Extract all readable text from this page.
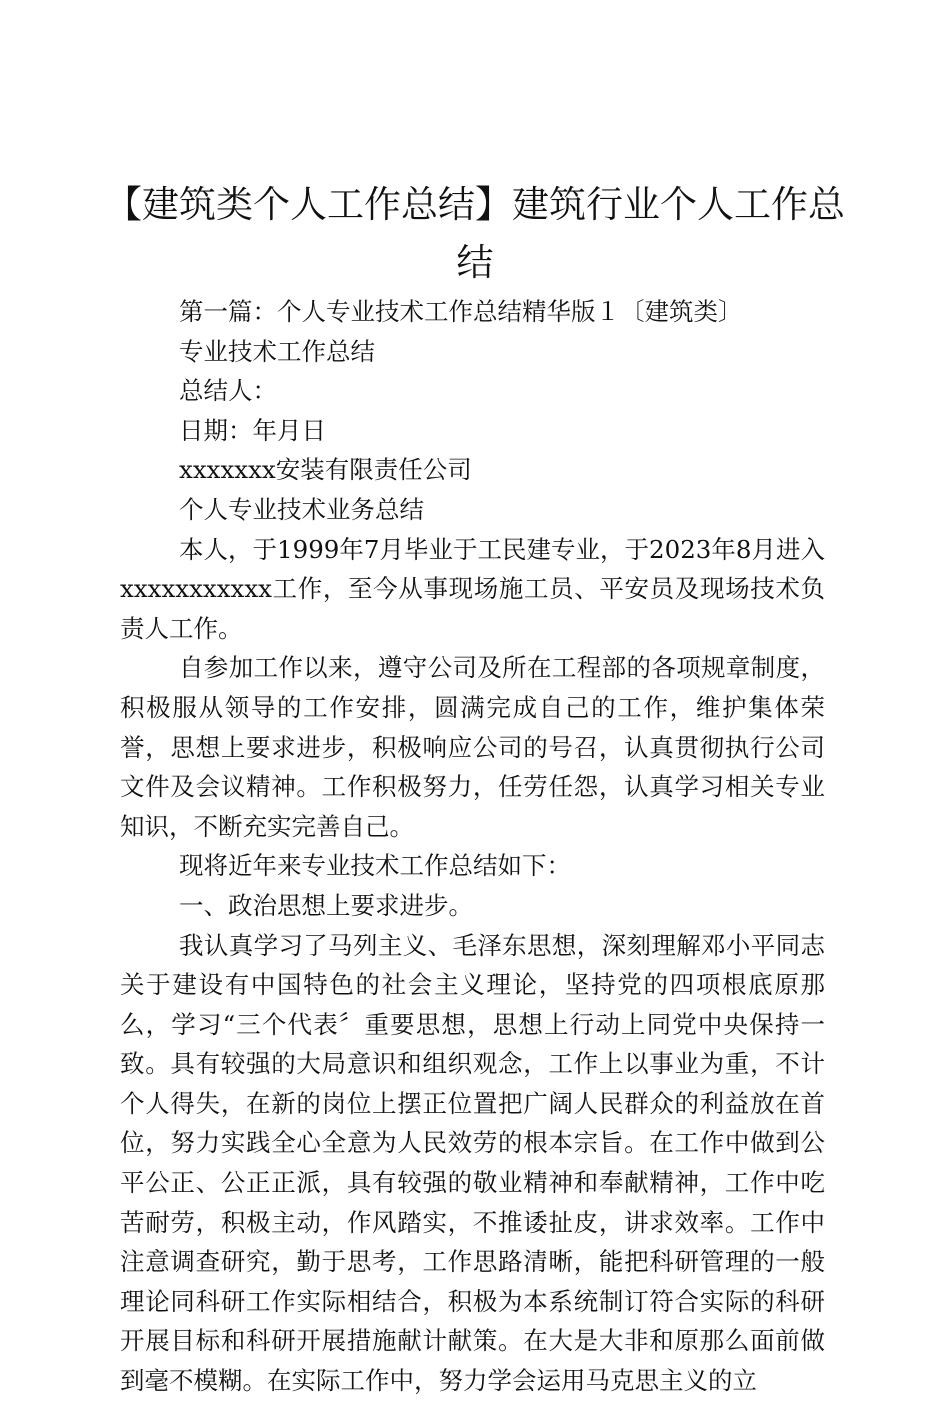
【建筑类个人工作总结】建筑行业个人工作总结

第一篇：个人专业技术工作总结精华版１〔建筑类〕

专业技术工作总结

总结人：

日期：年月日

xxxxxxx安装有限责任公司

个人专业技术业务总结

本人，于1999年7月毕业于工民建专业，于2023年8月进入xxxxxxxxxxx工作，至今从事现场施工员、平安员及现场技术负责人工作。

自参加工作以来，遵守公司及所在工程部的各项规章制度，积极服从领导的工作安排，圆满完成自己的工作，维护集体荣誉，思想上要求进步，积极响应公司的号召，认真贯彻执行公司文件及会议精神。工作积极努力，任劳任怨，认真学习相关专业知识，不断充实完善自己。

现将近年来专业技术工作总结如下：

一、政治思想上要求进步。

我认真学习了马列主义、毛泽东思想，深刻理解邓小平同志关于建设有中国特色的社会主义理论，坚持党的四项根底原那么，学习“三个代表〞重要思想，思想上行动上同党中央保持一致。具有较强的大局意识和组织观念，工作上以事业为重，不计个人得失，在新的岗位上摆正位置把广阔人民群众的利益放在首位，努力实践全心全意为人民效劳的根本宗旨。在工作中做到公平公正、公正正派，具有较强的敬业精神和奉献精神，工作中吃苦耐劳，积极主动，作风踏实，不推诿扯皮，讲求效率。工作中注意调查研究，勤于思考，工作思路清晰，能把科研管理的一般理论同科研工作实际相结合，积极为本系统制订符合实际的科研开展目标和科研开展措施献计献策。在大是大非和原那么面前做到毫不模糊。在实际工作中，努力学会运用马克思主义的立
